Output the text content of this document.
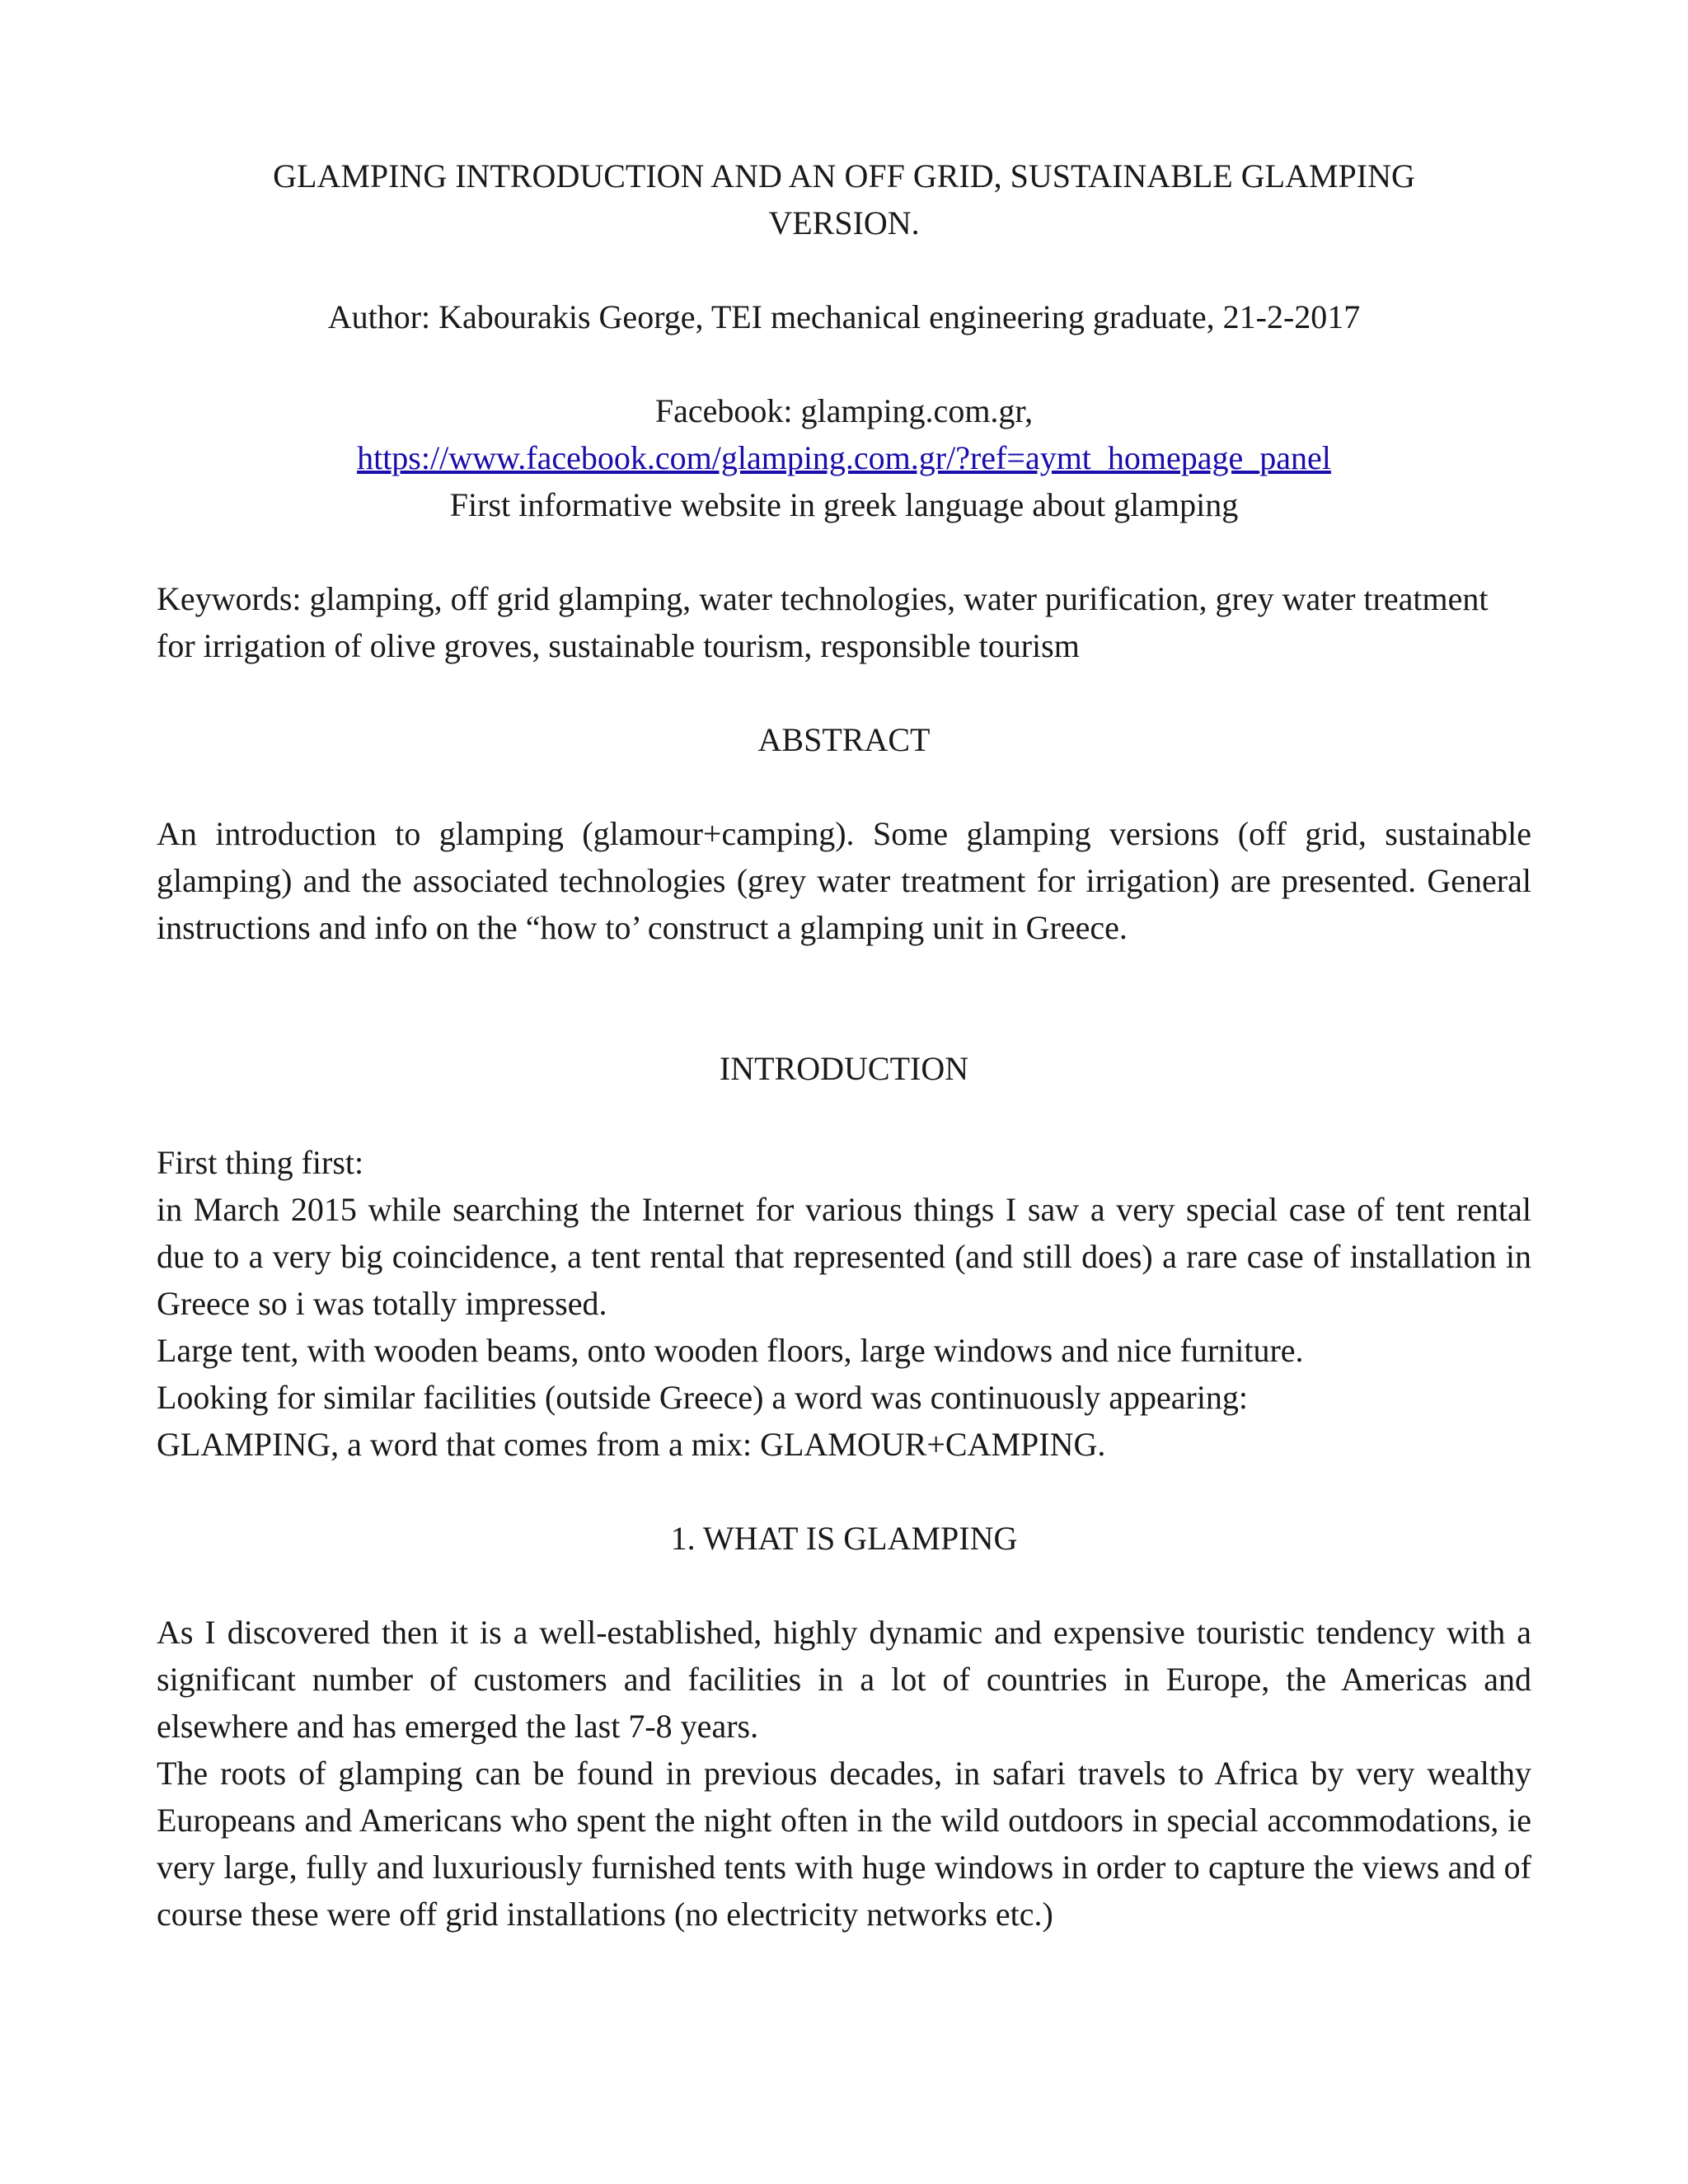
GLAMPING INTRODUCTION AND AN OFF GRID, SUSTAINABLE GLAMPING
VERSION.

Author: Kabourakis George, TEI mechanical engineering graduate, 21-2-2017

Facebook: glamping.com.gr,
https://www.facebook.com/glamping.com.gr/?ref=aymt_homepage_panel
First informative website in greek language about glamping

Keywords: glamping, off grid glamping, water technologies, water purification, grey water treatment for irrigation of olive groves, sustainable tourism, responsible tourism

ABSTRACT

An introduction to glamping (glamour+camping). Some glamping versions (off grid, sustainable glamping) and the associated technologies (grey water treatment for irrigation) are presented. General instructions and info on the “how to’ construct a glamping unit in Greece.

INTRODUCTION

First thing first:
in March 2015 while searching the Internet for various things I saw a very special case of tent rental due to a very big coincidence, a tent rental that represented (and still does) a rare case of installation in Greece so i was totally impressed.
Large tent, with wooden beams, onto wooden floors, large windows and nice furniture.
Looking for similar facilities (outside Greece) a word was continuously appearing:
GLAMPING, a word that comes from a mix: GLAMOUR+CAMPING.

1. WHAT IS GLAMPING

As I discovered then it is a well-established, highly dynamic and expensive touristic tendency with a significant number of customers and facilities in a lot of countries in Europe, the Americas and elsewhere and has emerged the last 7-8 years.
The roots of glamping can be found in previous decades, in safari travels to Africa by very wealthy Europeans and Americans who spent the night often in the wild outdoors in special accommodations, ie very large, fully and luxuriously furnished tents with huge windows in order to capture the views and of course these were off grid installations (no electricity networks etc.)
